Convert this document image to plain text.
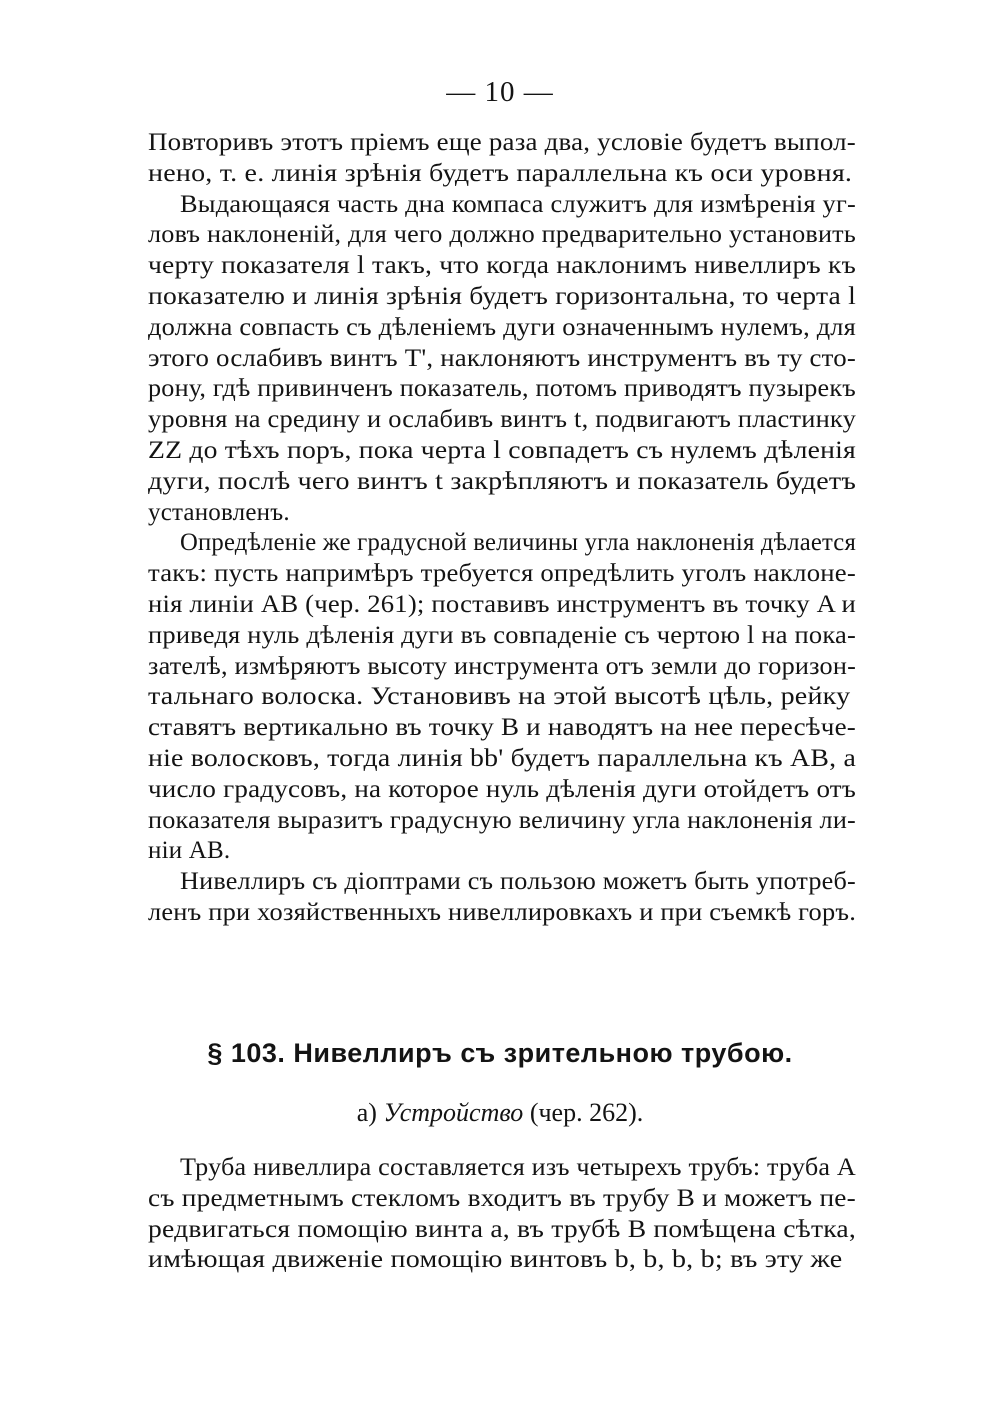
— 10 —
Повторивъ этотъ пріемъ еще раза два, условіе будетъ выпол-
нено, т. е. линія зрѣнія будетъ параллельна къ оси уровня.
Выдающаяся часть дна компаса служитъ для измѣренія уг-
ловъ наклоненій, для чего должно предварительно установить
черту показателя l такъ, что когда наклонимъ нивеллиръ къ
показателю и линія зрѣнія будетъ горизонтальна, то черта l
должна совпасть съ дѣленіемъ дуги означеннымъ нулемъ, для
этого ослабивъ винтъ T', наклоняютъ инструментъ въ ту сто-
рону, гдѣ привинченъ показатель, потомъ приводятъ пузырекъ
уровня на средину и ослабивъ винтъ t, подвигаютъ пластинку
ZZ до тѣхъ поръ, пока черта l совпадетъ съ нулемъ дѣленія
дуги, послѣ чего винтъ t закрѣпляютъ и показатель будетъ
установленъ.
Опредѣленіе же градусной величины угла наклоненія дѣлается
такъ: пусть напримѣръ требуется опредѣлить уголъ наклоне-
нія линіи AB (чер. 261); поставивъ инструментъ въ точку A и
приведя нуль дѣленія дуги въ совпаденіе съ чертою l на пока-
зателѣ, измѣряютъ высоту инструмента отъ земли до горизон-
тальнаго волоска. Установивъ на этой высотѣ цѣль, рейку
ставятъ вертикально въ точку B и наводятъ на нее пересѣче-
ніе волосковъ, тогда линія bb' будетъ параллельна къ AB, а
число градусовъ, на которое нуль дѣленія дуги отойдетъ отъ
показателя выразитъ градусную величину угла наклоненія ли-
ніи AB.
Нивеллиръ съ діоптрами съ пользою можетъ быть употреб-
ленъ при хозяйственныхъ нивеллировкахъ и при съемкѣ горъ.
§ 103. Нивеллиръ съ зрительною трубою.
а) Устройство (чер. 262).
Труба нивеллира составляется изъ четырехъ трубъ: труба A
съ предметнымъ стекломъ входитъ въ трубу B и можетъ пе-
редвигаться помощію винта a, въ трубѣ B помѣщена сѣтка,
имѣющая движеніе помощію винтовъ b, b, b, b; въ эту же
